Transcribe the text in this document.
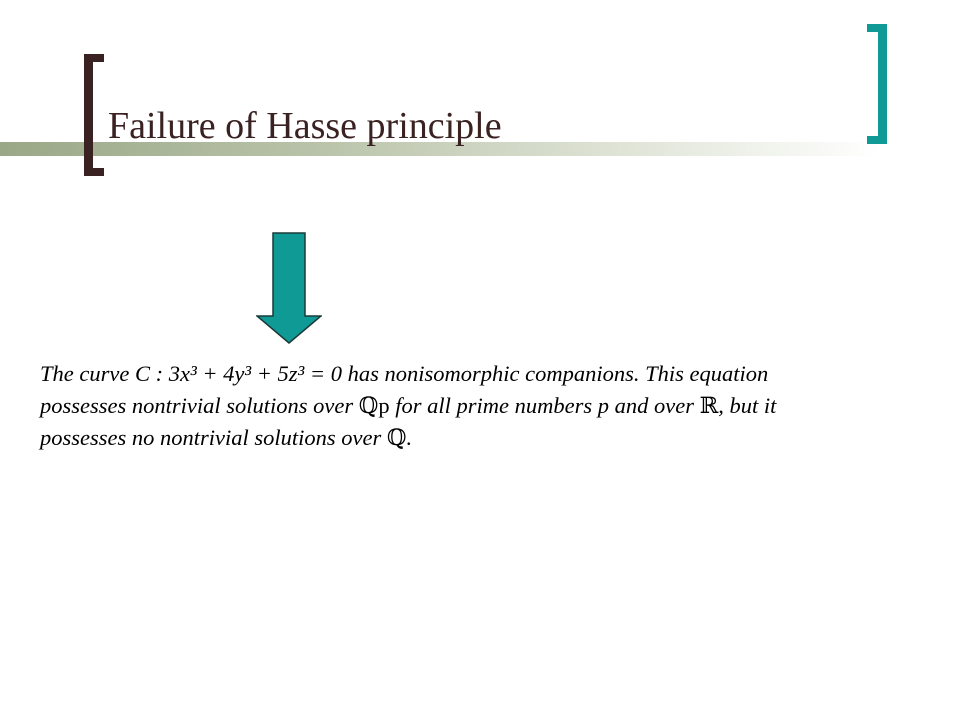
Failure of Hasse principle
The curve C : 3x³ + 4y³ + 5z³ = 0 has nonisomorphic companions. This equation
possesses nontrivial solutions over ℚp for all prime numbers p and over ℝ, but it
possesses no nontrivial solutions over ℚ.
